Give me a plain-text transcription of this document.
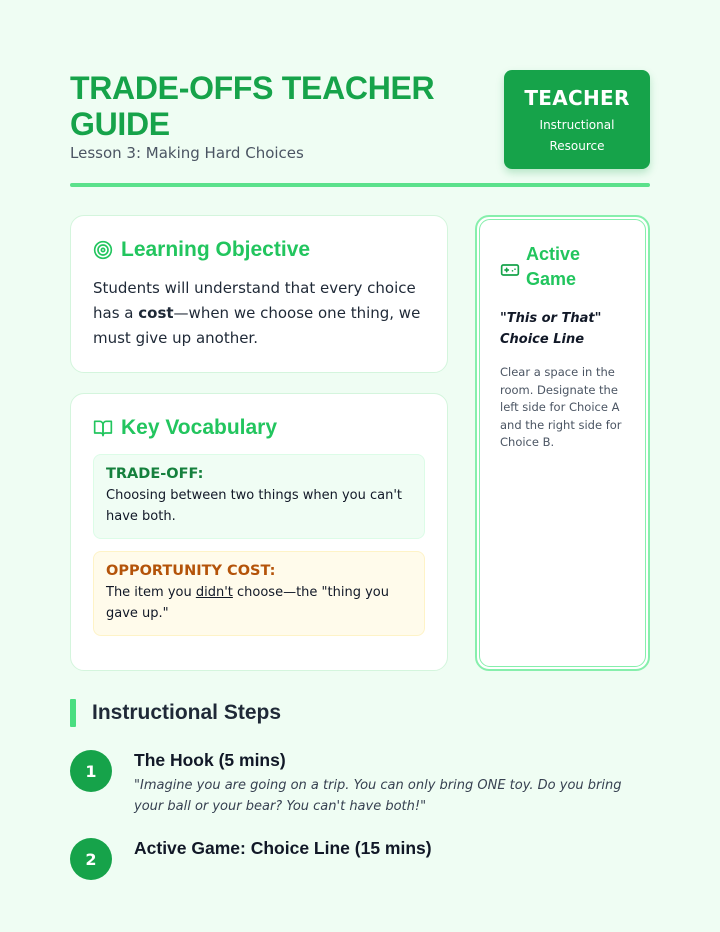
TRADE-OFFS TEACHER GUIDE
Lesson 3: Making Hard Choices
TEACHER
Instructional Resource
Learning Objective

Students will understand that every choice has a cost—when we choose one thing, we must give up another.

Key Vocabulary
TRADE-OFF:
Choosing between two things when you can't have both.
OPPORTUNITY COST:
The item you didn't choose—the "thing you gave up."
Active Game
"This or That" Choice Line

Clear a space in the room. Designate the left side for Choice A and the right side for Choice B.

Instructional Steps
1
The Hook (5 mins)

"Imagine you are going on a trip. You can only bring ONE toy. Do you bring your ball or your bear? You can't have both!"

2
Active Game: Choice Line (15 mins)
